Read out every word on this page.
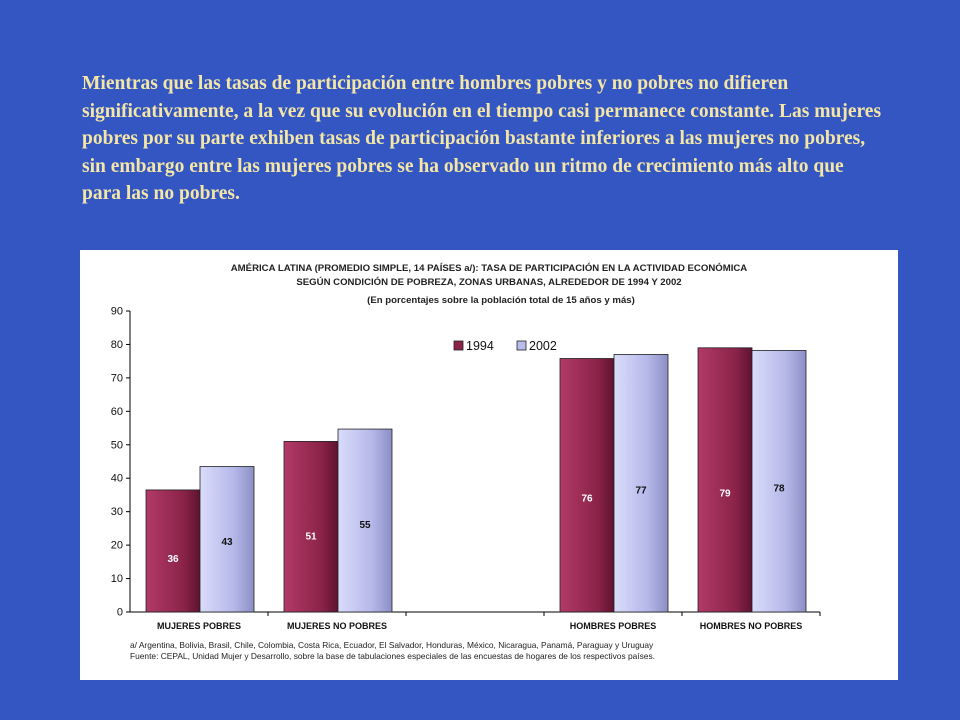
Mientras que las tasas de participación entre hombres pobres y no pobres no difieren significativamente, a la vez que su evolución en el tiempo casi permanece constante. Las mujeres pobres por su parte exhiben tasas de participación bastante inferiores a las mujeres no pobres, sin embargo entre las mujeres pobres se ha observado un ritmo de crecimiento más alto que para las no pobres.

AMÉRICA LATINA (PROMEDIO SIMPLE, 14 PAÍSES a/): TASA DE PARTICIPACIÓN EN LA ACTIVIDAD ECONÓMICA
SEGÚN CONDICIÓN DE POBREZA, ZONAS URBANAS, ALREDEDOR DE 1994 Y 2002
(En porcentajes sobre la población total de 15 años y más)
0
10
20
30
40
50
60
70
80
90
36
43
51
55
76
77	79	78
MUJERES POBRES	MUJERES NO POBRES	HOMBRES POBRES	HOMBRES NO POBRES
1994	2002
a/ Argentina, Bolivia, Brasil, Chile, Colombia, Costa Rica, Ecuador, El Salvador, Honduras, México, Nicaragua, Panamá, Paraguay y Uruguay
Fuente: CEPAL, Unidad Mujer y Desarrollo, sobre la base de tabulaciones especiales de las encuestas de hogares de los respectivos países.
